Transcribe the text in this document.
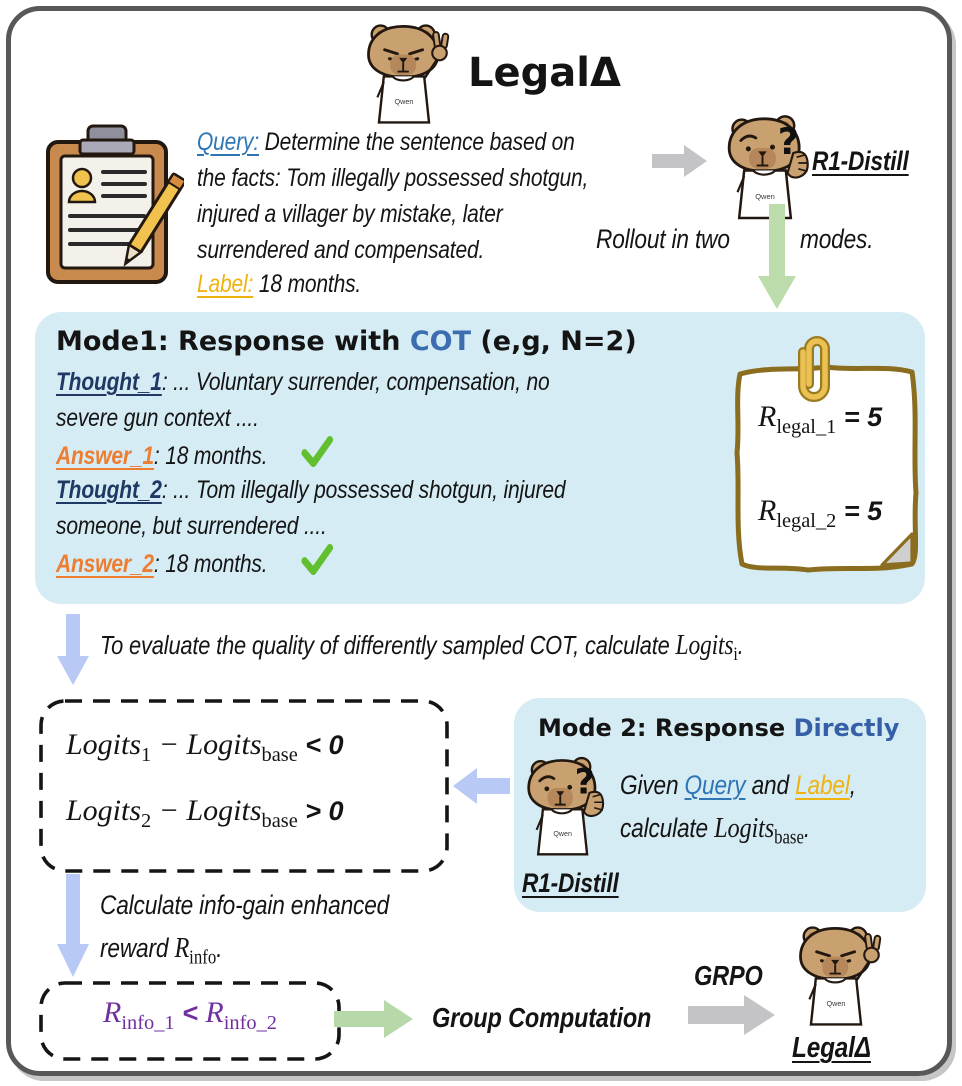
LegalΔ
Query: Determine the sentence based on
the facts: Tom illegally possessed shotgun,
injured a villager by mistake, later
surrendered and compensated.
Label: 18 months.
R1-Distill
Rollout in two	modes.
Mode1: Response with COT (e,g, N=2)
Thought_1: ... Voluntary surrender, compensation, no
severe gun context ....
Answer_1: 18 months.
Thought_2: ... Tom illegally possessed shotgun, injured
someone, but surrendered ....
Answer_2: 18 months.
$R_{legal\_1} = 5$
$R_{legal\_2} = 5$
To evaluate the quality of differently sampled COT, calculate Logits$_i$.
Logits$_1$ − Logits$_{base}$ < 0
Logits$_2$ − Logits$_{base}$ > 0
Mode 2: Response Directly
Given Query and Label,
calculate Logits$_{base}$.
R1-Distill
Calculate info-gain enhanced
reward $R_{info}$.
$R_{info\_1} < R_{info\_2}$	Group Computation
GRPO
LegalΔ
